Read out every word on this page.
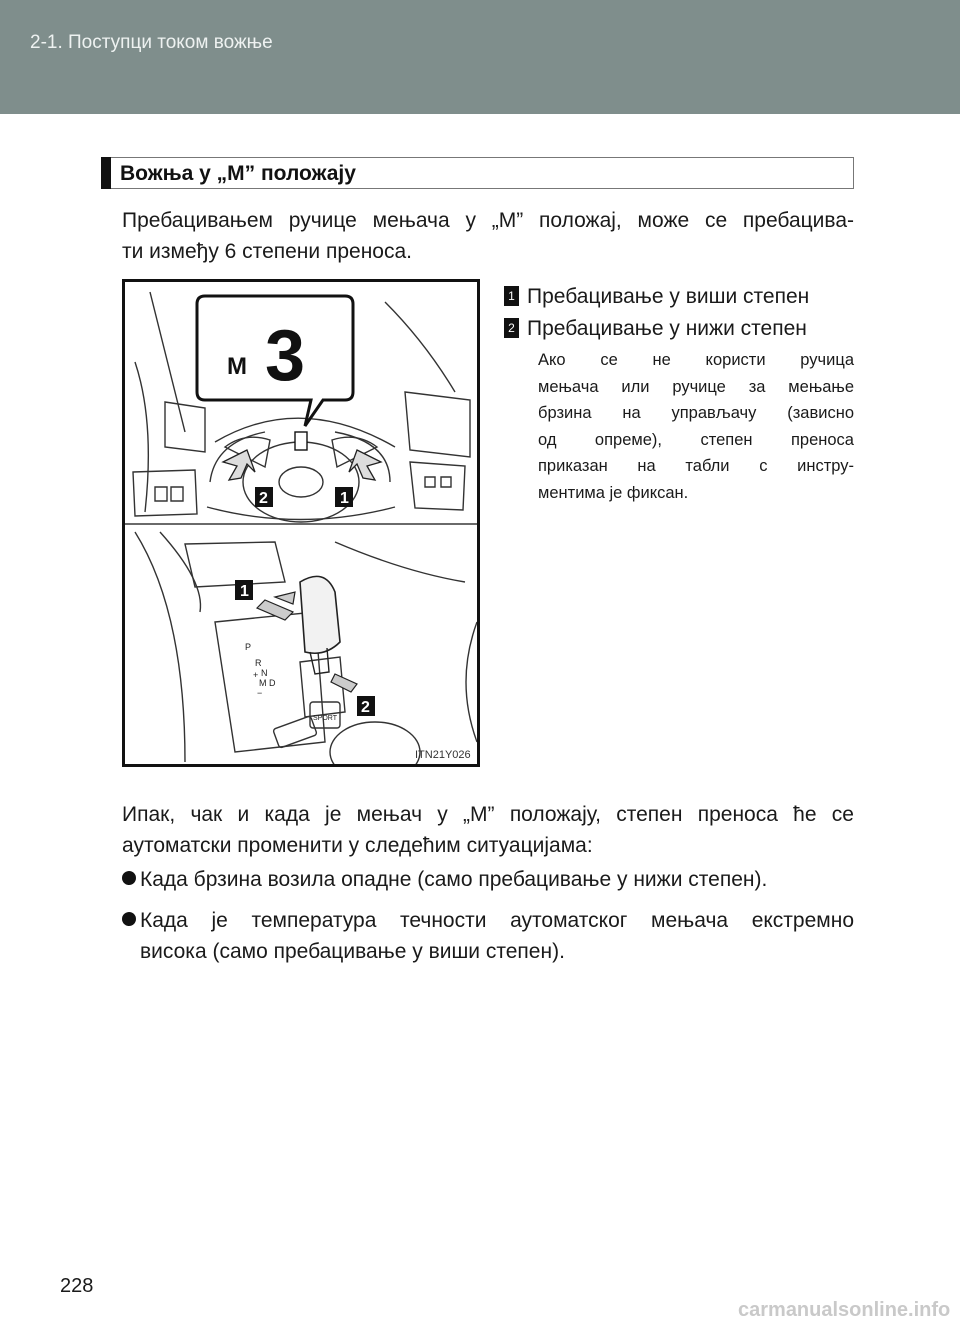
2-1. Поступци током вожње
Вожња у „M” положају
Пребацивањем ручице мењача у „M” положај, може се пребацива-
ти између 6 степени преноса.
1 Пребацивање у виши степен
2 Пребацивање у нижи степен
Ако се не користи ручица
мењача или ручице за мењање
брзина на управљачу (зависно
од опреме), степен преноса
приказан на табли с инстру-
ментима је фиксан.
M 3
P
R
N
D
M
+
−
SPORT
2	1
1
2
ITN21Y026
Ипак, чак и када је мењач у „M” положају, степен преноса ће се
аутоматски променити у следећим ситуацијама:
Када брзина возила опадне (само пребацивање у нижи степен).
Када је температура течности аутоматског мењача екстремно
висока (само пребацивање у виши степен).
228
carmanualsonline.info
